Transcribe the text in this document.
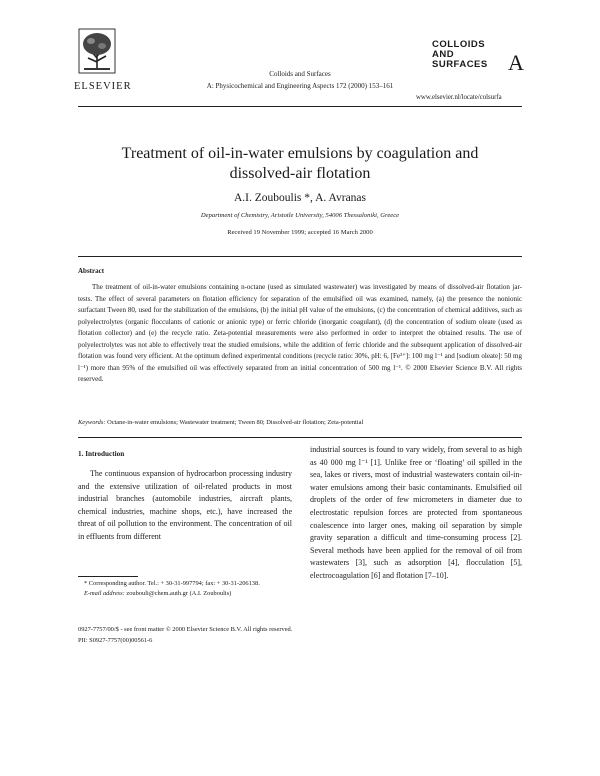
ELSEVIER
Colloids and Surfaces
A: Physicochemical and Engineering Aspects 172 (2000) 153–161
COLLOIDS
AND
SURFACES A
www.elsevier.nl/locate/colsurfa
Treatment of oil-in-water emulsions by coagulation and
dissolved-air flotation
A.I. Zouboulis *, A. Avranas
Department of Chemistry, Aristotle University, 54006 Thessaloniki, Greece
Received 19 November 1999; accepted 16 March 2000
Abstract
The treatment of oil-in-water emulsions containing n-octane (used as simulated wastewater) was investigated by means of dissolved-air flotation jar-tests. The effect of several parameters on flotation efficiency for separation of the emulsified oil was examined, namely, (a) the presence the nonionic surfactant Tween 80, used for the stabilization of the emulsions, (b) the initial pH value of the emulsions, (c) the concentration of chemical additives, such as polyelectrolytes (organic flocculants of cationic or anionic type) or ferric chloride (inorganic coagulant), (d) the concentration of sodium oleate (used as flotation collector) and (e) the recycle ratio. Zeta-potential measurements were also performed in order to interpret the obtained results. The use of polyelectrolytes was not able to effectively treat the studied emulsions, while the addition of ferric chloride and the subsequent application of dissolved-air flotation was found very efficient. At the optimum defined experimental conditions (recycle ratio: 30%, pH: 6, [Fe³⁺]: 100 mg l⁻¹ and [sodium oleate]: 50 mg l⁻¹) more than 95% of the emulsified oil was effectively separated from an initial concentration of 500 mg l⁻¹. © 2000 Elsevier Science B.V. All rights reserved.
Keywords: Octane-in-water emulsions; Wastewater treatment; Tween 80; Dissolved-air flotation; Zeta-potential
1. Introduction
The continuous expansion of hydrocarbon processing industry and the extensive utilization of oil-related products in most industrial branches (automobile industries, aircraft plants, chemical industries, machine shops, etc.), have increased the threat of oil pollution to the environment. The concentration of oil in effluents from different
industrial sources is found to vary widely, from several to as high as 40 000 mg l⁻¹ [1]. Unlike free or ‘floating’ oil spilled in the sea, lakes or rivers, most of industrial wastewaters contain oil-in-water emulsions among their basic contaminants. Emulsified oil droplets of the order of few micrometers in diameter due to electrostatic repulsion forces are protected from spontaneous coalescence into larger ones, making oil separation by simple gravity separation a difficult and time-consuming process [2]. Several methods have been applied for the removal of oil from wastewaters [3], such as adsorption [4], flocculation [5], electrocoagulation [6] and flotation [7–10].
* Corresponding author. Tel.: + 30-31-997794; fax: + 30-31-206138.
E-mail address: zoubouli@chem.auth.gr (A.I. Zouboulis)
0927-7757/00/$ - see front matter © 2000 Elsevier Science B.V. All rights reserved.
PII: S0927-7757(00)00561-6
